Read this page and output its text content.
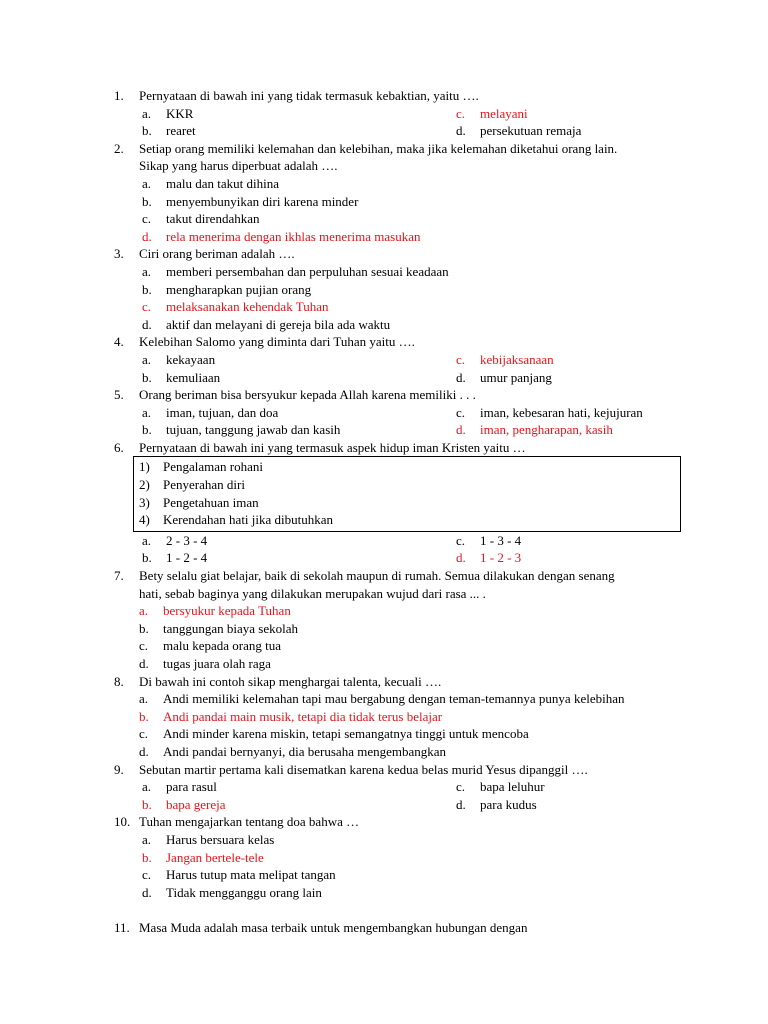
1.	Pernyataan di bawah ini yang tidak termasuk kebaktian, yaitu ….
a.	KKR	c.	melayani
b.	rearet	d.	persekutuan remaja
2.	Setiap orang memiliki kelemahan dan kelebihan, maka jika kelemahan diketahui orang lain.
Sikap yang harus diperbuat adalah ….
a.	malu dan takut dihina
b.	menyembunyikan diri karena minder
c.	takut direndahkan
d.	rela menerima dengan ikhlas menerima masukan
3.	Ciri orang beriman adalah ….
a.	memberi persembahan dan perpuluhan sesuai keadaan
b.	mengharapkan pujian orang
c.	melaksanakan kehendak Tuhan
d.	aktif dan melayani di gereja bila ada waktu
4.	Kelebihan Salomo yang diminta dari Tuhan yaitu ….
a.	kekayaan	c.	kebijaksanaan
b.	kemuliaan	d.	umur panjang
5.	Orang beriman bisa bersyukur kepada Allah karena memiliki . . .
a.	iman, tujuan, dan doa	c.	iman, kebesaran hati, kejujuran
b.	tujuan, tanggung jawab dan kasih	d.	iman, pengharapan, kasih
6.	Pernyataan di bawah ini yang termasuk aspek hidup iman Kristen yaitu …
1) Pengalaman rohani
2) Penyerahan diri
3) Pengetahuan iman
4) Kerendahan hati jika dibutuhkan
a.	2 - 3 - 4	c.	1 - 3 - 4
b.	1 - 2 - 4	d.	1 - 2 - 3
7.	Bety selalu giat belajar, baik di sekolah maupun di rumah. Semua dilakukan dengan senang
hati, sebab baginya yang dilakukan merupakan wujud dari rasa ... .
a.	bersyukur kepada Tuhan
b.	tanggungan biaya sekolah
c.	malu kepada orang tua
d.	tugas juara olah raga
8.	Di bawah ini contoh sikap menghargai talenta, kecuali ….
a.	Andi memiliki kelemahan tapi mau bergabung dengan teman-temannya punya kelebihan
b.	Andi pandai main musik, tetapi dia tidak terus belajar
c.	Andi minder karena miskin, tetapi semangatnya tinggi untuk mencoba
d.	Andi pandai bernyanyi, dia berusaha mengembangkan
9.	Sebutan martir pertama kali disematkan karena kedua belas murid Yesus dipanggil ….
a.	para rasul	c.	bapa leluhur
b.	bapa gereja	d.	para kudus
10. Tuhan mengajarkan tentang doa bahwa …
a.	Harus bersuara kelas
b.	Jangan bertele-tele
c.	Harus tutup mata melipat tangan
d.	Tidak mengganggu orang lain
11. Masa Muda adalah masa terbaik untuk mengembangkan hubungan dengan
